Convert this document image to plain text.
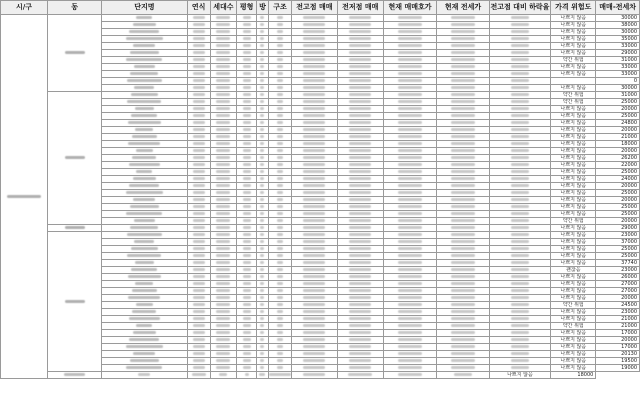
시/구	동	단지명	연식	세대수	평형	방	구조	전고점 매매	전저점 매매	현재 매매호가	현재 전세가	전고점 대비 하락율	가격 위험도	매매-전세차
													나쁘지 않음	30000
													나쁘지 않음	38000
													나쁘지 않음	30000
													나쁘지 않음	35000
													나쁘지 않음	33000
													나쁘지 않음	29000
													약간 위험	31000
													나쁘지 않음	33000
													나쁘지 않음	33000
														0
													나쁘지 않음	30000
													약간 위험	31000
													약간 위험	25000
													나쁘지 않음	20000
													나쁘지 않음	25000
													나쁘지 않음	24800
													나쁘지 않음	20000
													나쁘지 않음	21000
													나쁘지 않음	18000
													나쁘지 않음	20000
													나쁘지 않음	26200
													나쁘지 않음	22000
													나쁘지 않음	25000
													나쁘지 않음	24000
													나쁘지 않음	20000
													나쁘지 않음	25000
													나쁘지 않음	20000
													나쁘지 않음	25000
													나쁘지 않음	25000
													약간 위험	20000
													나쁘지 않음	29000
													나쁘지 않음	23000
													나쁘지 않음	37000
													나쁘지 않음	25000
													나쁘지 않음	25000
													나쁘지 않음	37740
													괜찮음	23000
													나쁘지 않음	26000
													나쁘지 않음	27000
													나쁘지 않음	27000
													나쁘지 않음	20000
													약간 위험	24500
													나쁘지 않음	23000
													나쁘지 않음	21000
													약간 위험	21000
													나쁘지 않음	17000
													나쁘지 않음	20000
													나쁘지 않음	17000
													나쁘지 않음	20130
													나쁘지 않음	19500
													나쁘지 않음	19000
												나쁘지 않음	18000	
